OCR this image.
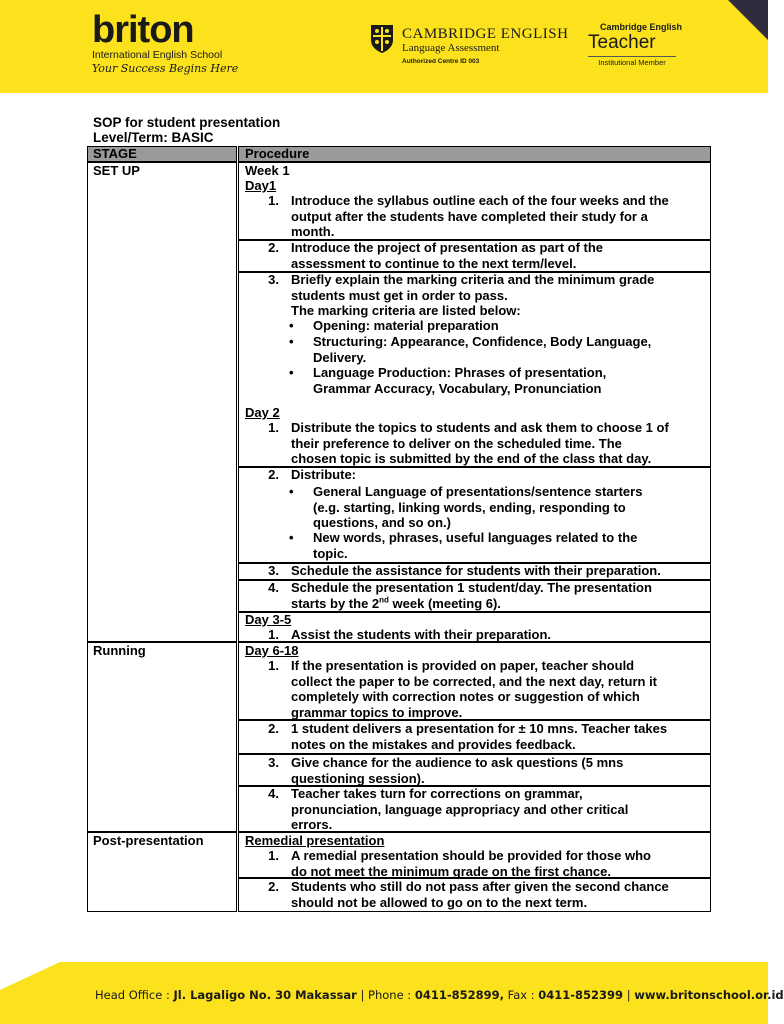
briton
International English School
Your Success Begins Here
CAMBRIDGE ENGLISH
Language Assessment
Authorized Centre ID 003
Cambridge English
Teacher
Institutional Member
SOP for student presentation
Level/Term: BASIC
STAGE	Procedure
SET UP
Running
Post-presentation
Week 1
Day1
1. Introduce the syllabus outline each of the four weeks and the
output after the students have completed their study for a
month.
2. Introduce the project of presentation as part of the
assessment to continue to the next term/level.
3. Briefly explain the marking criteria and the minimum grade
students must get in order to pass.
The marking criteria are listed below:
• Opening: material preparation
• Structuring: Appearance, Confidence, Body Language,
Delivery.
• Language Production: Phrases of presentation,
Grammar Accuracy, Vocabulary, Pronunciation
Day 2
1. Distribute the topics to students and ask them to choose 1 of
their preference to deliver on the scheduled time. The
chosen topic is submitted by the end of the class that day.
2. Distribute:
• General Language of presentations/sentence starters
(e.g. starting, linking words, ending, responding to
questions, and so on.)
• New words, phrases, useful languages related to the
topic.
3. Schedule the assistance for students with their preparation.
4. Schedule the presentation 1 student/day. The presentation
starts by the 2nd week (meeting 6).
Day 3-5
1. Assist the students with their preparation.
Day 6-18
1. If the presentation is provided on paper, teacher should
collect the paper to be corrected, and the next day, return it
completely with correction notes or suggestion of which
grammar topics to improve.
2. 1 student delivers a presentation for ± 10 mns. Teacher takes
notes on the mistakes and provides feedback.
3. Give chance for the audience to ask questions (5 mns
questioning session).
4. Teacher takes turn for corrections on grammar,
pronunciation, language appropriacy and other critical
errors.
Remedial presentation
1. A remedial presentation should be provided for those who
do not meet the minimum grade on the first chance.
2. Students who still do not pass after given the second chance
should not be allowed to go on to the next term.
Head Office : Jl. Lagaligo No. 30 Makassar | Phone : 0411-852899, Fax : 0411-852399 | www.britonschool.or.id
